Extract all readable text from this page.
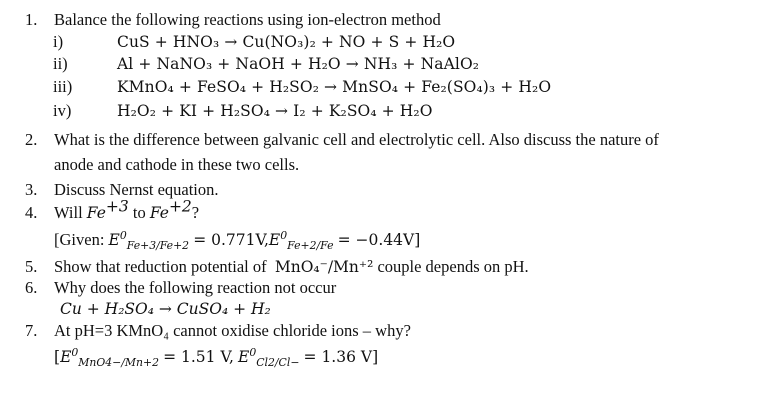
1.	Balance the following reactions using ion-electron method
i)	CuS + HNO₃ → Cu(NO₃)₂ + NO + S + H₂O
ii)	Al + NaNO₃ + NaOH + H₂O → NH₃ + NaAlO₂
iii)	KMnO₄ + FeSO₄ + H₂SO₂ → MnSO₄ + Fe₂(SO₄)₃ + H₂O
iv)	H₂O₂ + KI + H₂SO₄ → I₂ + K₂SO₄ + H₂O
2.	What is the difference between galvanic cell and electrolytic cell. Also discuss the nature of
anode and cathode in these two cells.
3.	Discuss Nernst equation.
4.	Will $Fe^{+3}$ to $Fe^{+2}$?
[Given: $E^0_{Fe+3/Fe+2} = 0.771V,E^0_{Fe+2/Fe} = -0.44V$]
5.	Show that reduction potential of MnO₄⁻/Mn⁺² couple depends on pH.
6.	Why does the following reaction not occur
Cu + H₂SO₄ → CuSO₄ + H₂
7.	At pH=3 KMnO₄ cannot oxidise chloride ions – why?
[$E^0_{MnO4-/Mn+2} = 1.51$ V, $E^0_{Cl2/Cl-} = 1.36$ V]
